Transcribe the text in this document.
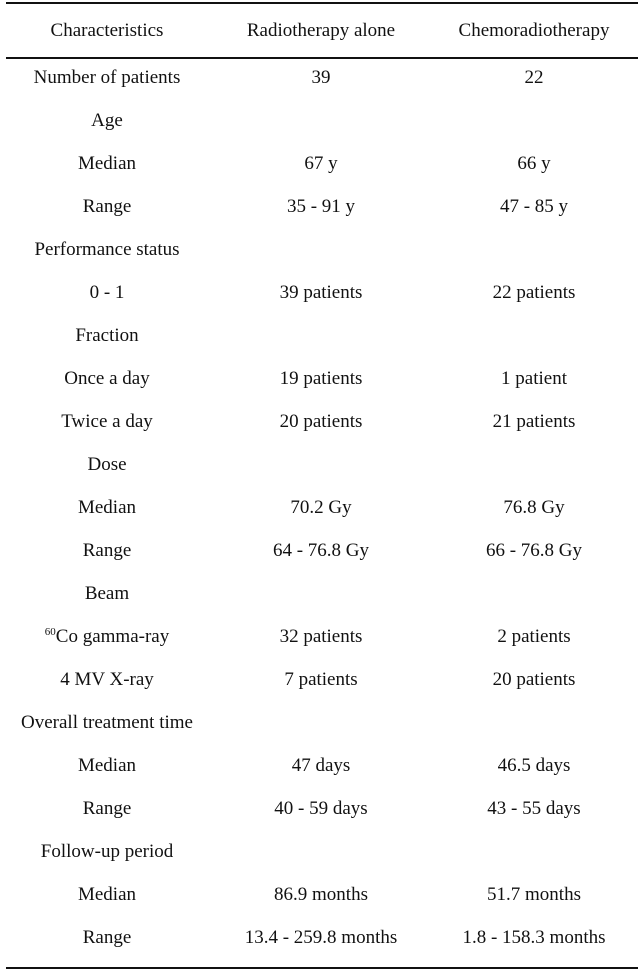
Characteristics	Radiotherapy alone	Chemoradiotherapy
Number of patients	39	22
Age
Median	67 y	66 y
Range	35 - 91 y	47 - 85 y
Performance status
0 - 1	39 patients	22 patients
Fraction
Once a day	19 patients	1 patient
Twice a day	20 patients	21 patients
Dose
Median	70.2 Gy	76.8 Gy
Range	64 - 76.8 Gy	66 - 76.8 Gy
Beam
$^{60}$Co gamma-ray	32 patients	2 patients
4 MV X-ray	7 patients	20 patients
Overall treatment time
Median	47 days	46.5 days
Range	40 - 59 days	43 - 55 days
Follow-up period
Median	86.9 months	51.7 months
Range	13.4 - 259.8 months	1.8 - 158.3 months
